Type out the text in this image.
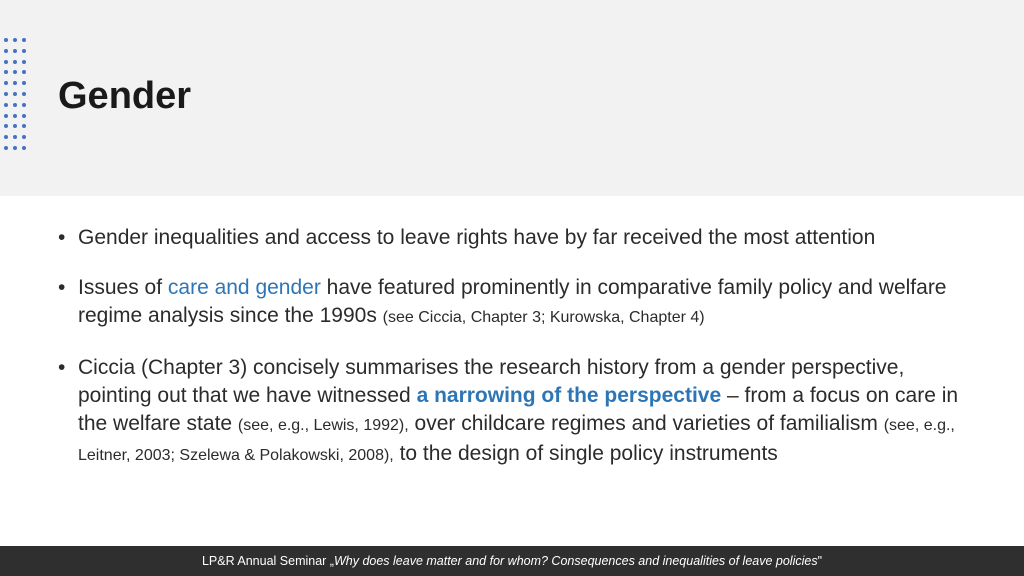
Gender
• Gender inequalities and access to leave rights have by far received the most attention
• Issues of care and gender have featured prominently in comparative family policy and welfare regime analysis since the 1990s (see Ciccia, Chapter 3; Kurowska, Chapter 4)
• Ciccia (Chapter 3) concisely summarises the research history from a gender perspective, pointing out that we have witnessed a narrowing of the perspective – from a focus on care in the welfare state (see, e.g., Lewis, 1992), over childcare regimes and varieties of familialism (see, e.g., Leitner, 2003; Szelewa & Polakowski, 2008), to the design of single policy instruments
LP&R Annual Seminar „Why does leave matter and for whom? Consequences and inequalities of leave policies"
